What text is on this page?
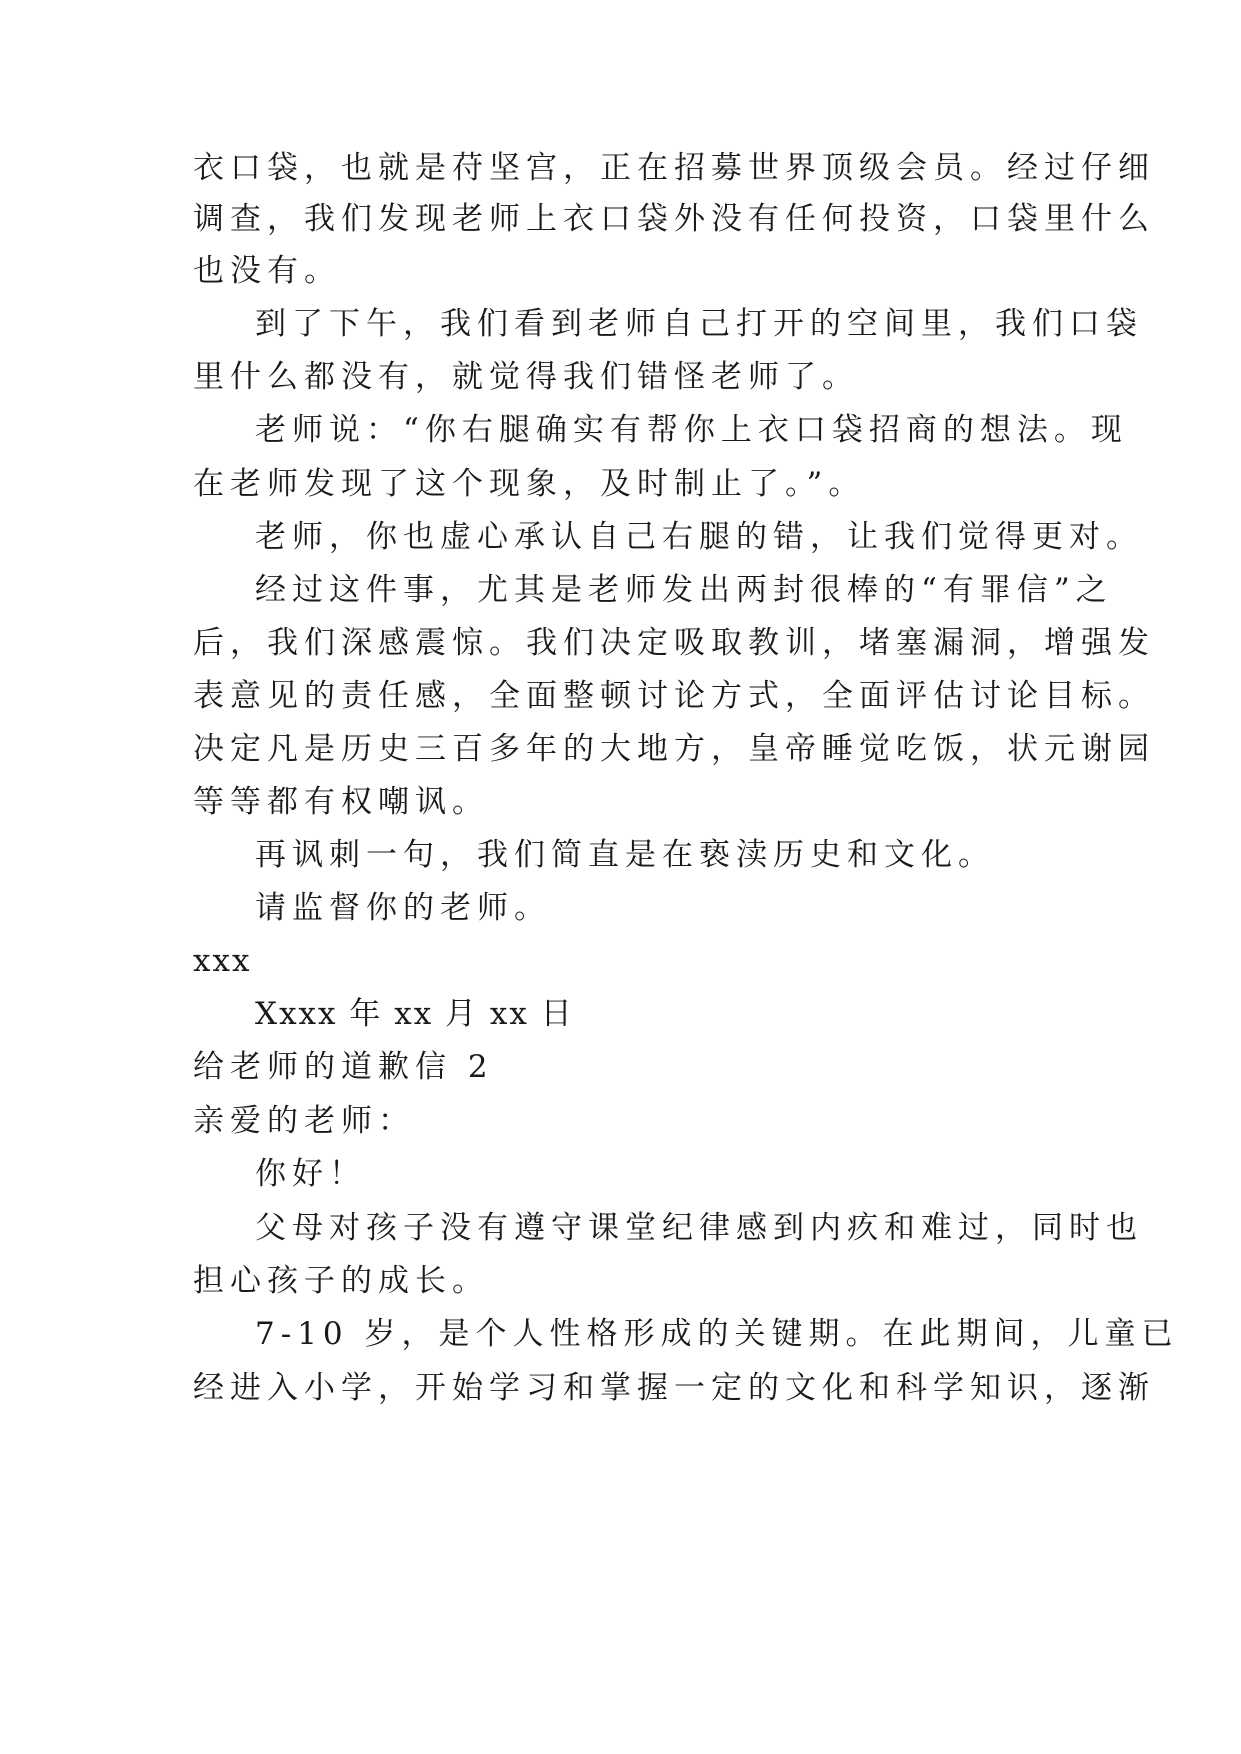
衣口袋，也就是苻坚宫，正在招募世界顶级会员。经过仔细
调查，我们发现老师上衣口袋外没有任何投资，口袋里什么
也没有。
到了下午，我们看到老师自己打开的空间里，我们口袋
里什么都没有，就觉得我们错怪老师了。
老师说：“你右腿确实有帮你上衣口袋招商的想法。现
在老师发现了这个现象，及时制止了。”。
老师，你也虚心承认自己右腿的错，让我们觉得更对。
经过这件事，尤其是老师发出两封很棒的“有罪信”之
后，我们深感震惊。我们决定吸取教训，堵塞漏洞，增强发
表意见的责任感，全面整顿讨论方式，全面评估讨论目标。
决定凡是历史三百多年的大地方，皇帝睡觉吃饭，状元谢园
等等都有权嘲讽。
再讽刺一句，我们简直是在亵渎历史和文化。
请监督你的老师。
xxx
Xxxx 年 xx 月 xx 日
给老师的道歉信 2
亲爱的老师：
你好！
父母对孩子没有遵守课堂纪律感到内疚和难过，同时也
担心孩子的成长。
7-10 岁，是个人性格形成的关键期。在此期间，儿童已
经进入小学，开始学习和掌握一定的文化和科学知识，逐渐
